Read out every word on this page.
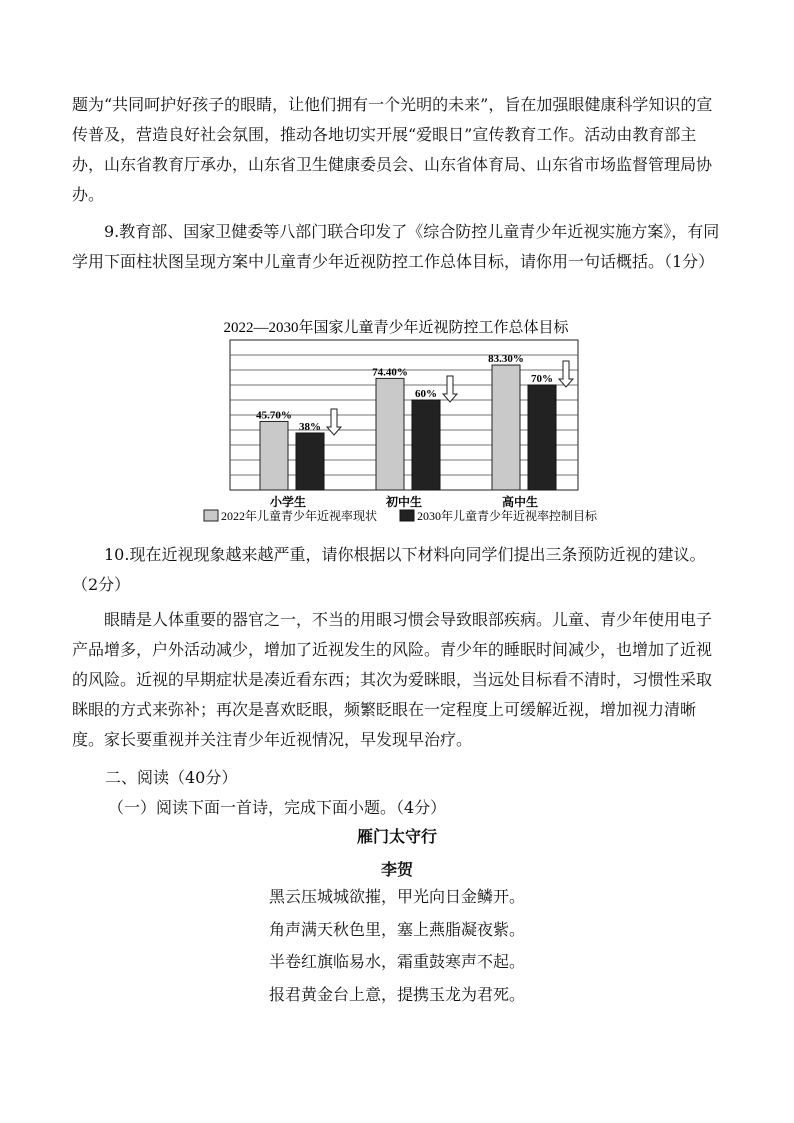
题为“共同呵护好孩子的眼睛，让他们拥有一个光明的未来”，旨在加强眼健康科学知识的宣传普及，营造良好社会氛围，推动各地切实开展“爱眼日”宣传教育工作。活动由教育部主办，山东省教育厅承办，山东省卫生健康委员会、山东省体育局、山东省市场监督管理局协办。

9.教育部、国家卫健委等八部门联合印发了《综合防控儿童青少年近视实施方案》，有同学用下面柱状图呈现方案中儿童青少年近视防控工作总体目标，请你用一句话概括。（1分）

2022—2030年国家儿童青少年近视防控工作总体目标
45.70%
38%
74.40%
60%
83.30%
70%
小学生	初中生	高中生
2022年儿童青少年近视率现状	2030年儿童青少年近视率控制目标

10.现在近视现象越来越严重，请你根据以下材料向同学们提出三条预防近视的建议。（2分）

眼睛是人体重要的器官之一，不当的用眼习惯会导致眼部疾病。儿童、青少年使用电子产品增多，户外活动减少，增加了近视发生的风险。青少年的睡眠时间减少，也增加了近视的风险。近视的早期症状是凑近看东西；其次为爱眯眼，当远处目标看不清时，习惯性采取眯眼的方式来弥补；再次是喜欢眨眼，频繁眨眼在一定程度上可缓解近视，增加视力清晰度。家长要重视并关注青少年近视情况，早发现早治疗。

二、阅读（40分）

（一）阅读下面一首诗，完成下面小题。（4分）

雁门太守行

李贺

黑云压城城欲摧，甲光向日金鳞开。

角声满天秋色里，塞上燕脂凝夜紫。

半卷红旗临易水，霜重鼓寒声不起。

报君黄金台上意，提携玉龙为君死。
